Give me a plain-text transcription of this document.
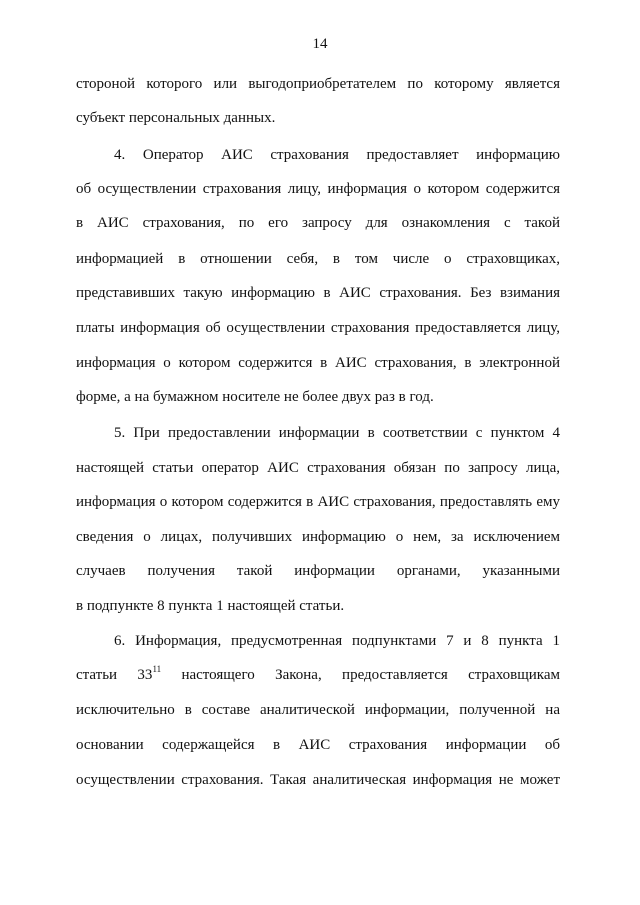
14
стороной которого или выгодоприобретателем по которому является
субъект персональных данных.
4. Оператор АИС страхования предоставляет информацию
об осуществлении страхования лицу, информация о котором содержится
в АИС страхования, по его запросу для ознакомления с такой
информацией в отношении себя, в том числе о страховщиках,
представивших такую информацию в АИС страхования. Без взимания
платы информация об осуществлении страхования предоставляется лицу,
информация о котором содержится в АИС страхования, в электронной
форме, а на бумажном носителе не более двух раз в год.
5. При предоставлении информации в соответствии с пунктом 4
настоящей статьи оператор АИС страхования обязан по запросу лица,
информация о котором содержится в АИС страхования, предоставлять ему
сведения о лицах, получивших информацию о нем, за исключением
случаев получения такой информации органами, указанными
в подпункте 8 пункта 1 настоящей статьи.
6. Информация, предусмотренная подпунктами 7 и 8 пункта 1
статьи $33^{11}$ настоящего Закона, предоставляется страховщикам
исключительно в составе аналитической информации, полученной на
основании содержащейся в АИС страхования информации об
осуществлении страхования. Такая аналитическая информация не может
